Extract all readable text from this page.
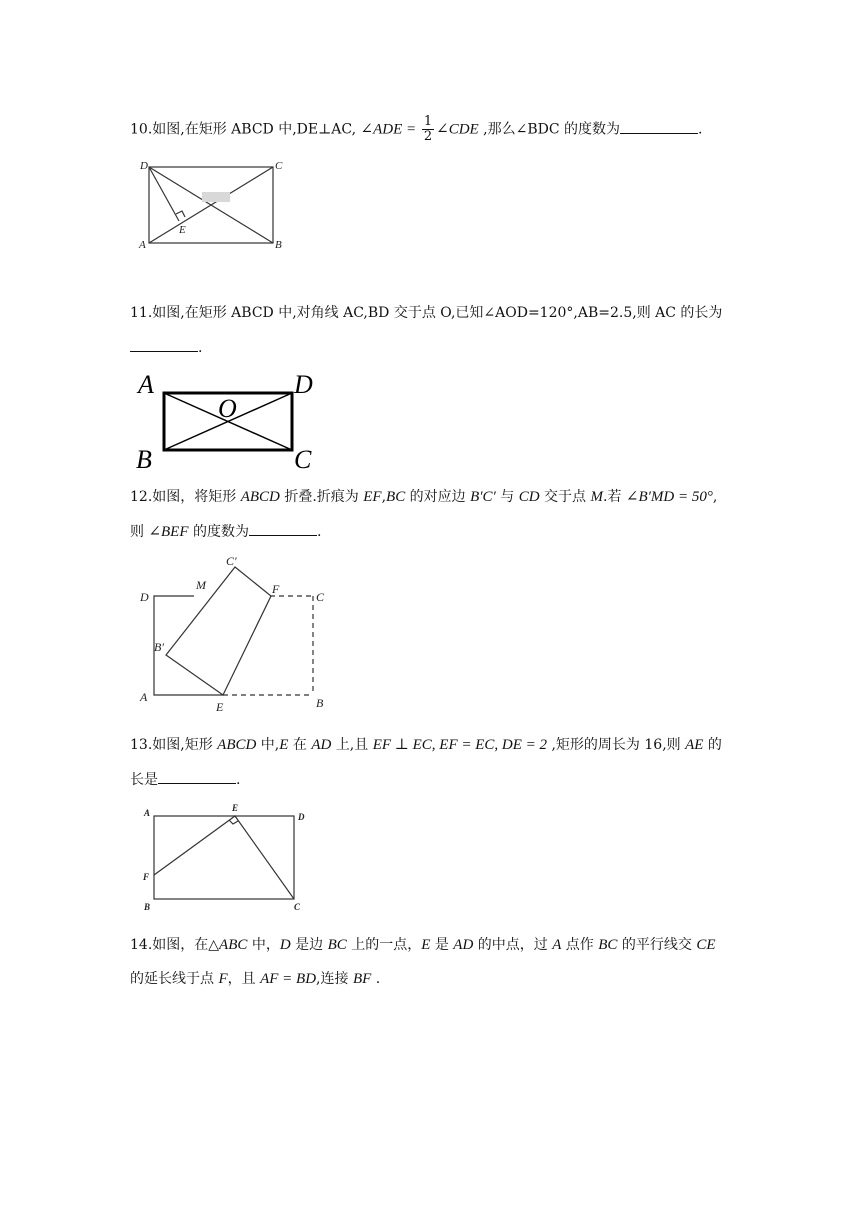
10.如图,在矩形 ABCD 中,DE⊥AC, ∠ADE = $\frac{1}{2}$ ∠CDE ,那么∠BDC 的度数为	.
D	C
A	B
E
11.如图,在矩形 ABCD 中,对角线 AC,BD 交于点 O,已知∠AOD=120°,AB=2.5,则 AC 的长为
.
A	D
O
B	C
12.如图，将矩形 ABCD 折叠.折痕为 EF,BC 的对应边 B′C′ 与 CD 交于点 M.若 ∠B′MD = 50°,
则 ∠BEF 的度数为	.
C′
M	F
D	C
B′
A
E	B
13.如图,矩形 ABCD 中,E 在 AD 上,且 EF ⊥ EC, EF = EC, DE = 2 ,矩形的周长为 16,则 AE 的
长是	.
A	E
D
F
B	C
14.如图，在△ABC 中，D 是边 BC 上的一点，E 是 AD 的中点，过 A 点作 BC 的平行线交 CE
的延长线于点 F，且 AF = BD,连接 BF .
